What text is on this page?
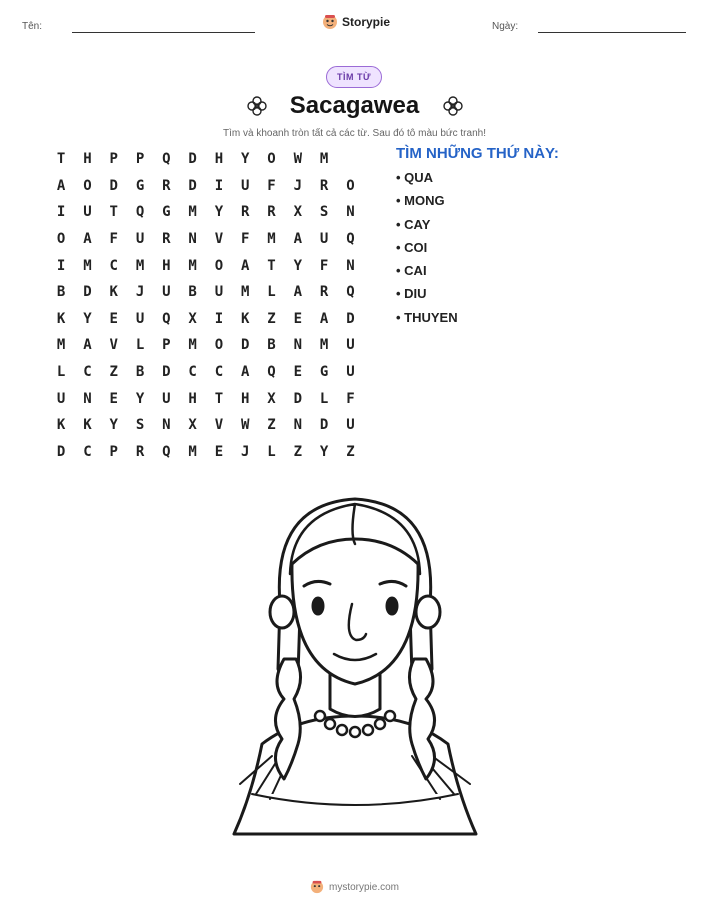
Tên:	Storypie	Ngày:
TÌM TỪ
Sacagawea
Tìm và khoanh tròn tất cả các từ. Sau đó tô màu bức tranh!
T	H	P	P	Q	D	H	Y	O	W	M
A	O	D	G	R	D	I	U	F	J	R	O
I	U	T	Q	G	M	Y	R	R	X	S	N
O	A	F	U	R	N	V	F	M	A	U	Q
I	M	C	M	H	M	O	A	T	Y	F	N
B	D	K	J	U	B	U	M	L	A	R	Q
K	Y	E	U	Q	X	I	K	Z	E	A	D
M	A	V	L	P	M	O	D	B	N	M	U
L	C	Z	B	D	C	C	A	Q	E	G	U
U	N	E	Y	U	H	T	H	X	D	L	F
K	K	Y	S	N	X	V	W	Z	N	D	U
D	C	P	R	Q	M	E	J	L	Z	Y	Z
TÌM NHỮNG THỨ NÀY:
• QUA
• MONG
• CAY
• COI
• CAI
• DIU
• THUYEN
mystorypie.com
